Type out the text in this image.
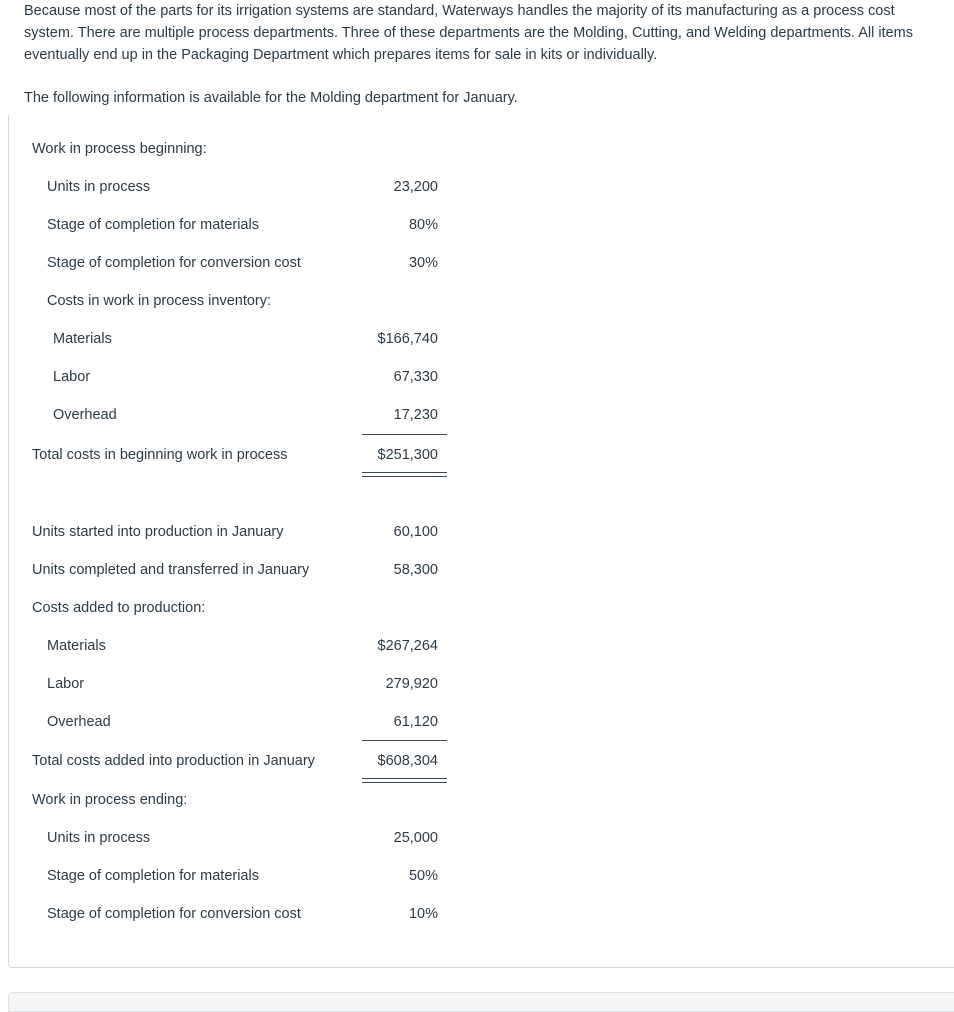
Because most of the parts for its irrigation systems are standard, Waterways handles the majority of its manufacturing as a process cost system. There are multiple process departments. Three of these departments are the Molding, Cutting, and Welding departments. All items eventually end up in the Packaging Department which prepares items for sale in kits or individually.

The following information is available for the Molding department for January.

Work in process beginning:
Units in process	23,200
Stage of completion for materials	80%
Stage of completion for conversion cost	30%
Costs in work in process inventory:
Materials	$166,740
Labor	67,330
Overhead	17,230
Total costs in beginning work in process	$251,300
Units started into production in January	60,100
Units completed and transferred in January	58,300
Costs added to production:
Materials	$267,264
Labor	279,920
Overhead	61,120
Total costs added into production in January	$608,304
Work in process ending:
Units in process	25,000
Stage of completion for materials	50%
Stage of completion for conversion cost	10%
